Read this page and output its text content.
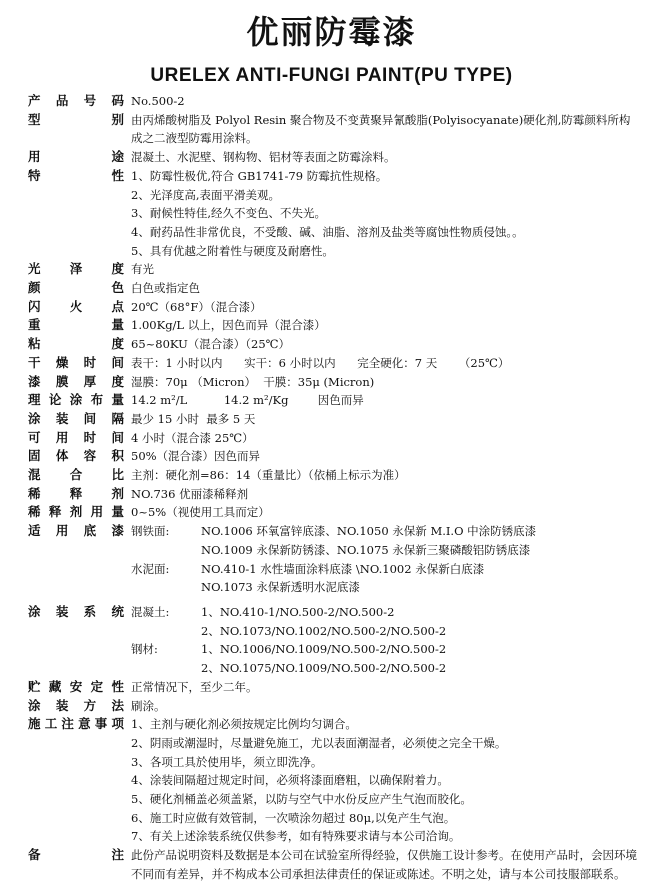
优丽防霉漆
URELEX ANTI-FUNGI PAINT(PU TYPE)
产 品 号 码 No.500-2
型	别 由丙烯酸树脂及 Polyol Resin 聚合物及不变黄聚异氰酸脂(Polyisocyanate)硬化剂,防霉颜料所构成之二液型防霉用涂料。
用	途 混凝土、水泥壁、钢构物、铝材等表面之防霉涂料。
特	性 1、防霉性极优,符合 GB1741-79 防霉抗性规格。
2、光泽度高,表面平滑美观。
3、耐候性特佳,经久不变色、不失光。
4、耐药品性非常优良，不受酸、碱、油脂、溶剂及盐类等腐蚀性物质侵蚀。。
5、具有优越之附着性与硬度及耐磨性。
光 泽 度 有光
颜	色 白色或指定色
闪 火 点 20℃（68°F）（混合漆）
重	量 1.00Kg/L 以上，因色而异（混合漆）
粘	度 65~80KU（混合漆）（25℃）
干 燥 时 间 表干：1 小时以内 实干：6 小时以内 完全硬化：7 天 （25℃）
漆 膜 厚 度 湿膜：70μ （Micron）  干膜：35μ (Micron)
理 论 涂 布 量 14.2 m²/L          14.2 m²/Kg        因色而异
涂 装 间 隔 最少 15 小时  最多 5 天
可 用 时 间 4 小时（混合漆 25℃）
固 体 容 积 50%（混合漆）因色而异
混 合 比 主剂：硬化剂=86：14（重量比）（依桶上标示为准）
稀 释 剂 NO.736 优丽漆稀释剂
稀 释 剂 用 量 0~5%（视使用工具而定）
适 用 底 漆 钢铁面:	NO.1006 环氧富锌底漆、NO.1050 永保新 M.I.O 中涂防锈底漆
NO.1009 永保新防锈漆、NO.1075 永保新三聚磷酸铝防锈底漆
水泥面:	NO.410-1 水性墙面涂料底漆 \NO.1002 永保新白底漆
NO.1073 永保新透明水泥底漆
涂 装 系 统 混凝土:	1、NO.410-1/NO.500-2/NO.500-2
2、NO.1073/NO.1002/NO.500-2/NO.500-2
钢材:	1、NO.1006/NO.1009/NO.500-2/NO.500-2
2、NO.1075/NO.1009/NO.500-2/NO.500-2
贮 藏 安 定 性 正常情况下，至少二年。
涂 装 方 法 刷涂。
施 工 注 意 事 项 1、主剂与硬化剂必须按规定比例均匀调合。
2、阴雨或潮湿时，尽量避免施工，尤以表面潮湿者，必须使之完全干燥。
3、各项工具於使用毕，须立即洗净。
4、涂装间隔超过规定时间，必须将漆面磨粗，以确保附着力。
5、硬化剂桶盖必须盖紧，以防与空气中水份反应产生气泡而胶化。
6、施工时应做有效管制，一次喷涂勿超过 80μ,以免产生气泡。
7、有关上述涂装系统仅供参考，如有特殊要求请与本公司洽询。
备	注 此份产品说明资料及数据是本公司在试验室所得经验，仅供施工设计参考。在使用产品时，会因环境不同而有差异，并不构成本公司承担法律责任的保证或陈述。不明之处，请与本公司技服部联系。
